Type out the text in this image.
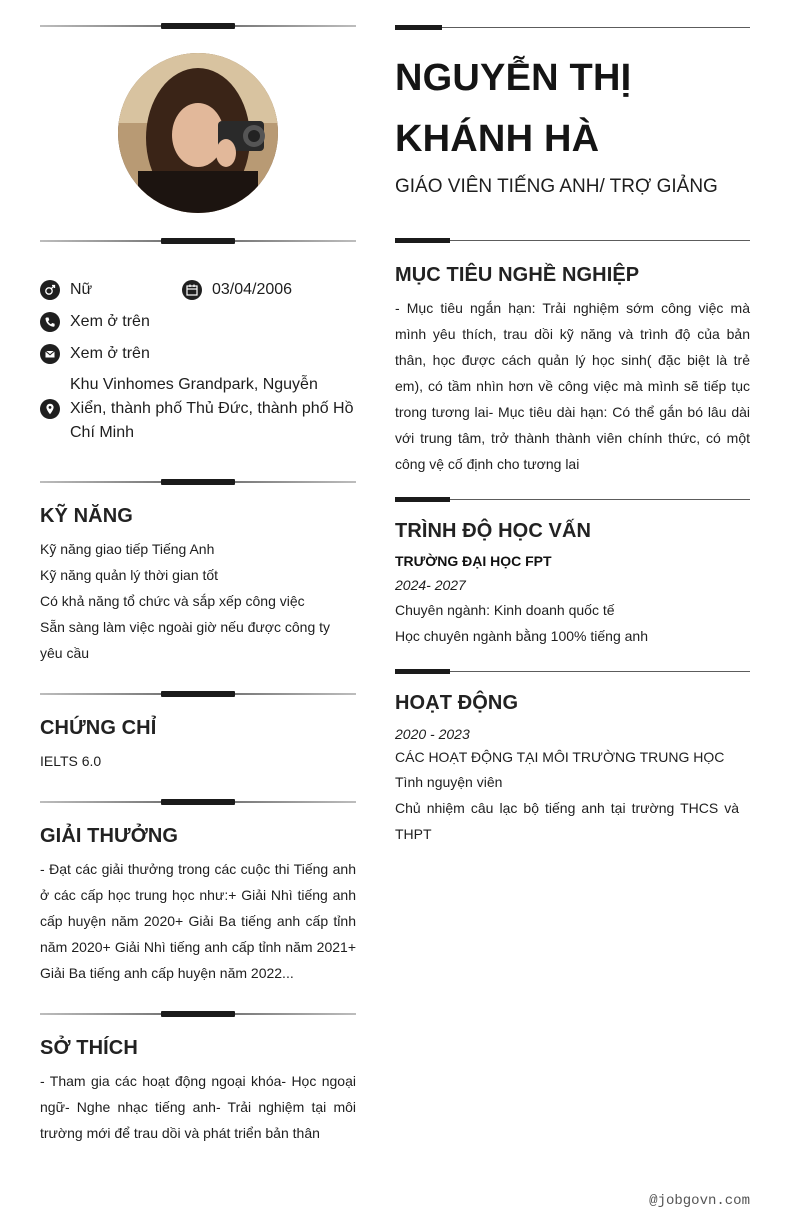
NGUYỄN THỊ KHÁNH HÀ
GIÁO VIÊN TIẾNG ANH/ TRỢ GIẢNG
Nữ	03/04/2006
Xem ở trên
Xem ở trên
Khu Vinhomes Grandpark, Nguyễn Xiển, thành phố Thủ Đức, thành phố Hồ Chí Minh
KỸ NĂNG
Kỹ năng giao tiếp Tiếng Anh
Kỹ năng quản lý thời gian tốt
Có khả năng tổ chức và sắp xếp công việc
Sẵn sàng làm việc ngoài giờ nếu được công ty yêu cầu
CHỨNG CHỈ
IELTS 6.0
GIẢI THƯỞNG
- Đạt các giải thưởng trong các cuộc thi Tiếng anh ở các cấp học trung học như:+ Giải Nhì tiếng anh cấp huyện năm 2020+ Giải Ba tiếng anh cấp tỉnh năm 2020+ Giải Nhì tiếng anh cấp tỉnh năm 2021+ Giải Ba tiếng anh cấp huyện năm 2022...
SỞ THÍCH
- Tham gia các hoạt động ngoại khóa- Học ngoại ngữ- Nghe nhạc tiếng anh- Trải nghiệm tại môi trường mới để trau dồi và phát triển bản thân
MỤC TIÊU NGHỀ NGHIỆP
- Mục tiêu ngắn hạn: Trải nghiệm sớm công việc mà mình yêu thích, trau dồi kỹ năng và trình độ của bản thân, học được cách quản lý học sinh( đặc biệt là trẻ em), có tầm nhìn hơn về công việc mà mình sẽ tiếp tục trong tương lai- Mục tiêu dài hạn: Có thể gắn bó lâu dài với trung tâm, trở thành thành viên chính thức, có một công vệ cố định cho tương lai
TRÌNH ĐỘ HỌC VẤN
TRƯỜNG ĐẠI HỌC FPT
2024- 2027
Chuyên ngành: Kinh doanh quốc tế
Học chuyên ngành bằng 100% tiếng anh
HOẠT ĐỘNG
2020 - 2023
CÁC HOẠT ĐỘNG TẠI MÔI TRƯỜNG TRUNG HỌC
Tình nguyện viên
Chủ nhiệm câu lạc bộ tiếng anh tại trường THCS và THPT
@jobgovn.com
